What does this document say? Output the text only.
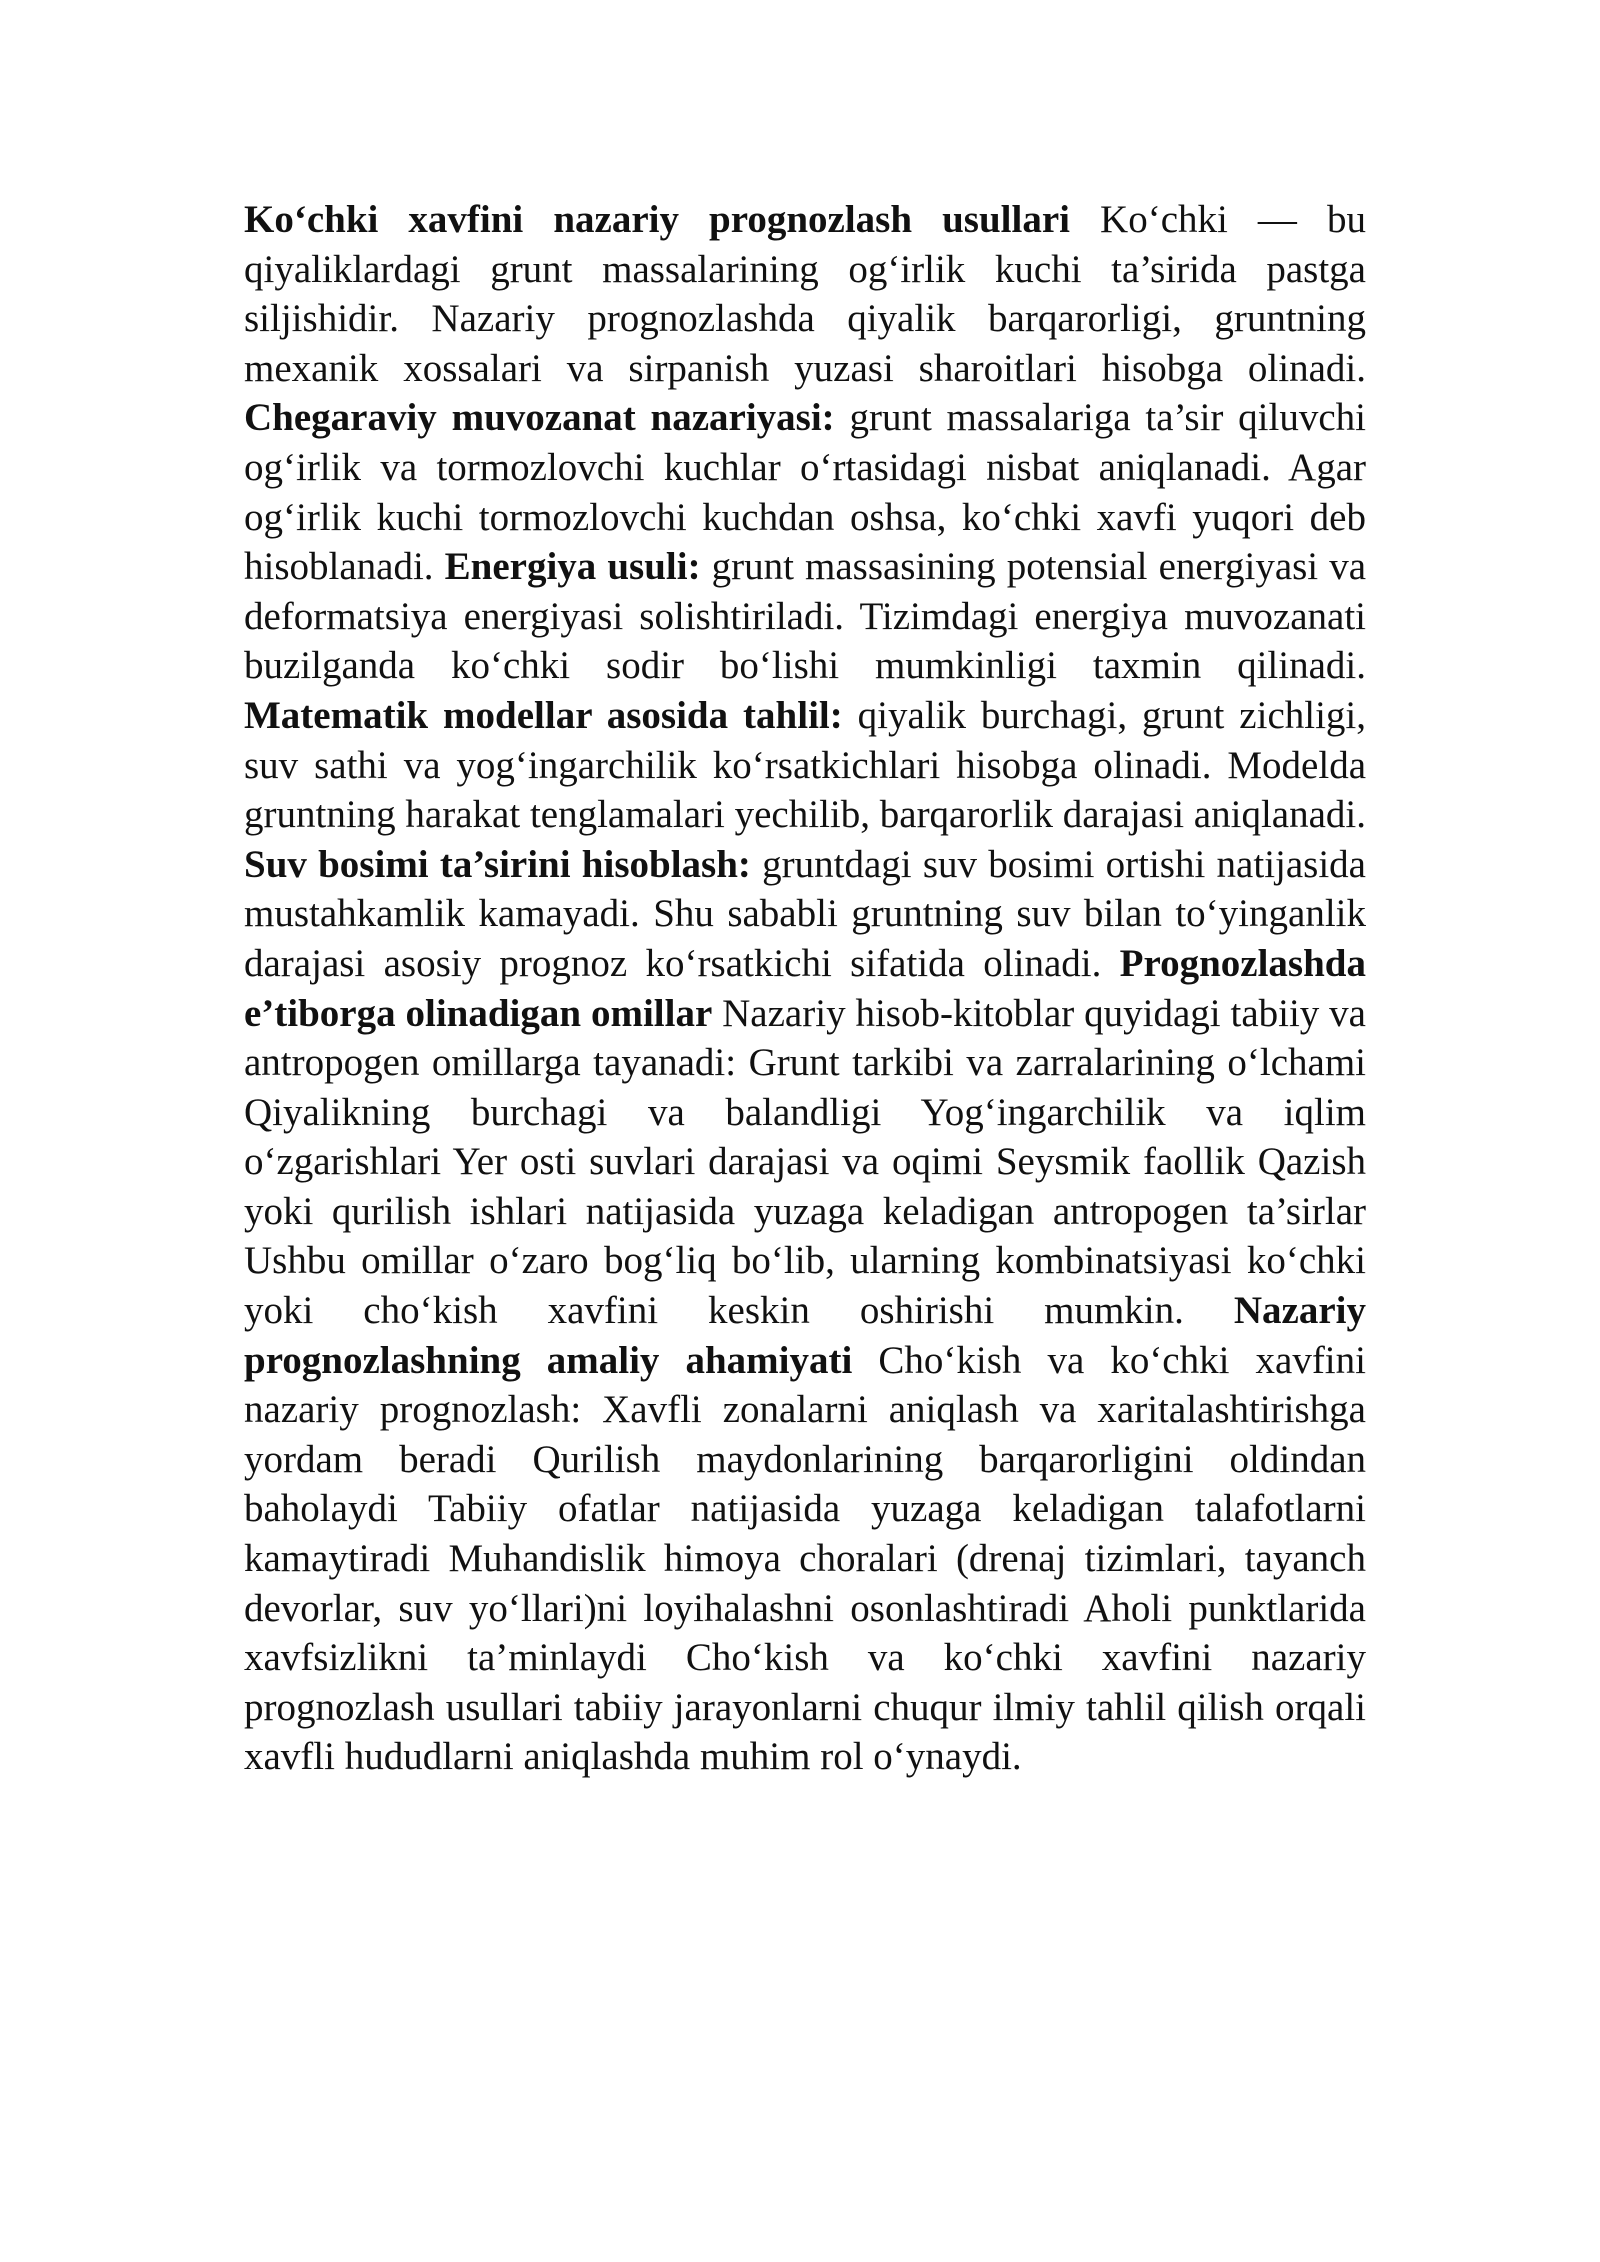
Ko‘chki xavfini nazariy prognozlash usullari Ko‘chki — bu qiyaliklardagi grunt massalarining og‘irlik kuchi ta’sirida pastga siljishidir. Nazariy prognozlashda qiyalik barqarorligi, gruntning mexanik xossalari va sirpanish yuzasi sharoitlari hisobga olinadi. Chegaraviy muvozanat nazariyasi: grunt massalariga ta’sir qiluvchi og‘irlik va tormozlovchi kuchlar o‘rtasidagi nisbat aniqlanadi. Agar og‘irlik kuchi tormozlovchi kuchdan oshsa, ko‘chki xavfi yuqori deb hisoblanadi. Energiya usuli: grunt massasining potensial energiyasi va deformatsiya energiyasi solishtiriladi. Tizimdagi energiya muvozanati buzilganda ko‘chki sodir bo‘lishi mumkinligi taxmin qilinadi. Matematik modellar asosida tahlil: qiyalik burchagi, grunt zichligi, suv sathi va yog‘ingarchilik ko‘rsatkichlari hisobga olinadi. Modelda gruntning harakat tenglamalari yechilib, barqarorlik darajasi aniqlanadi. Suv bosimi ta’sirini hisoblash: gruntdagi suv bosimi ortishi natijasida mustahkamlik kamayadi. Shu sababli gruntning suv bilan to‘yinganlik darajasi asosiy prognoz ko‘rsatkichi sifatida olinadi. Prognozlashda e’tiborga olinadigan omillar Nazariy hisob-kitoblar quyidagi tabiiy va antropogen omillarga tayanadi: Grunt tarkibi va zarralarining o‘lchami Qiyalikning burchagi va balandligi Yog‘ingarchilik va iqlim o‘zgarishlari Yer osti suvlari darajasi va oqimi Seysmik faollik Qazish yoki qurilish ishlari natijasida yuzaga keladigan antropogen ta’sirlar Ushbu omillar o‘zaro bog‘liq bo‘lib, ularning kombinatsiyasi ko‘chki yoki cho‘kish xavfini keskin oshirishi mumkin. Nazariy prognozlashning amaliy ahamiyati Cho‘kish va ko‘chki xavfini nazariy prognozlash: Xavfli zonalarni aniqlash va xaritalashtirishga yordam beradi Qurilish maydonlarining barqarorligini oldindan baholaydi Tabiiy ofatlar natijasida yuzaga keladigan talafotlarni kamaytiradi Muhandislik himoya choralari (drenaj tizimlari, tayanch devorlar, suv yo‘llari)ni loyihalashni osonlashtiradi Aholi punktlarida xavfsizlikni ta’minlaydi Cho‘kish va ko‘chki xavfini nazariy prognozlash usullari tabiiy jarayonlarni chuqur ilmiy tahlil qilish orqali xavfli hududlarni aniqlashda muhim rol o‘ynaydi.
